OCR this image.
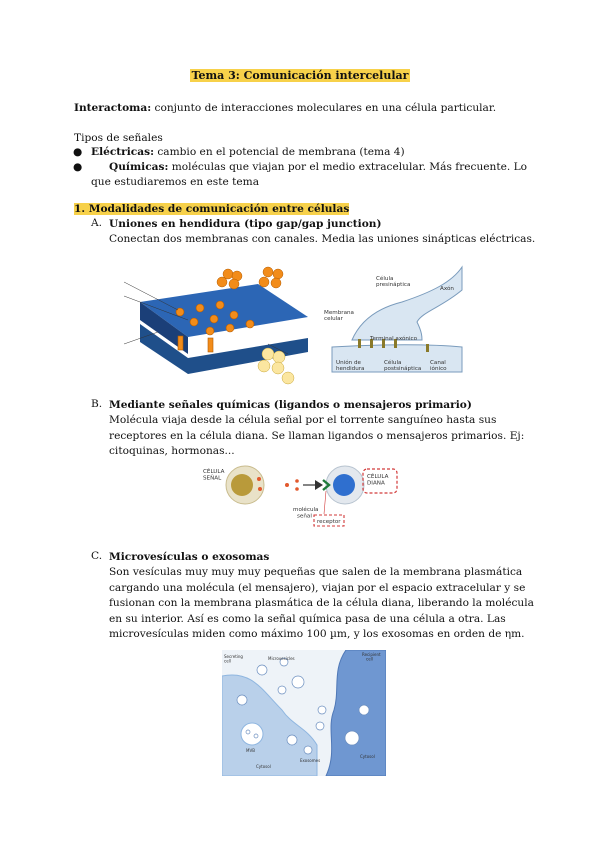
Tema 3: Comunicación intercelular
Interactoma: conjunto de interacciones moleculares en una célula particular.
Tipos de señales
● Eléctricas: cambio en el potencial de membrana (tema 4)
●	Químicas: moléculas que viajan por el medio extracelular. Más frecuente. Lo que estudiaremos en este tema
1. Modalidades de comunicación entre células
A. Uniones en hendidura (tipo gap/gap junction)
Conectan dos membranas con canales. Media las uniones sinápticas eléctricas.
Célula presináptica
Axón
Membrana celular
Terminal axónico
Unión de hendidura
Célula postsináptica
Canal iónico
B. Mediante señales químicas (ligandos o mensajeros primario)
Molécula viaja desde la célula señal por el torrente sanguíneo hasta sus receptores en la célula diana. Se llaman ligandos o mensajeros primarios. Ej: citoquinas, hormonas...
CÉLULA SEÑAL	CÉLULA DIANA
molécula señal
receptor
C. Microvesículas o exosomas
Son vesículas muy muy muy pequeñas que salen de la membrana plasmática cargando una molécula (el mensajero), viajan por el espacio extracelular y se fusionan con la membrana plasmática de la célula diana, liberando la molécula en su interior. Así es como la señal química pasa de una célula a otra. Las microvesículas miden como máximo 100 µm, y los exosomas en orden de ηm.
Secreting cell	Microvesicles
Recipient cell
MVB
Exosomes
Cytosol
Cytosol
